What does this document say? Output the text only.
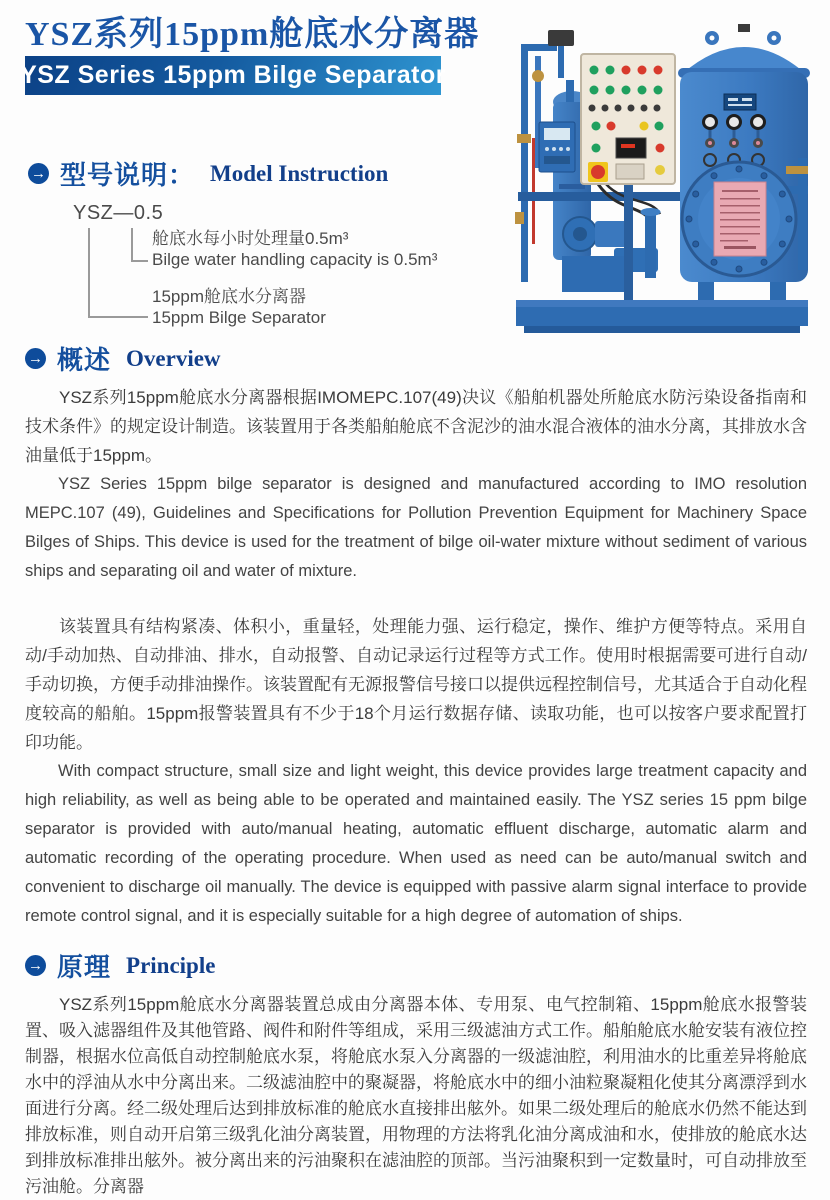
YSZ系列15ppm舱底水分离器
YSZ Series 15ppm Bilge Separator
→
型号说明： Model Instruction
YSZ—0.5
舱底水每小时处理量0.5m³
Bilge water handling capacity is 0.5m³
15ppm舱底水分离器
15ppm Bilge Separator
→
概述 Overview

YSZ系列15ppm舱底水分离器根据IMOMEPC.107(49)决议《船舶机器处所舱底水防污染设备指南和技术条件》的规定设计制造。该装置用于各类船舶舱底不含泥沙的油水混合液体的油水分离，其排放水含油量低于15ppm。

YSZ Series 15ppm bilge separator is designed and manufactured according to IMO resolution MEPC.107 (49), Guidelines and Specifications for Pollution Prevention Equipment for Machinery Space Bilges of Ships. This device is used for the treatment of bilge oil-water mixture without sediment of various ships and separating oil and water of mixture.

该装置具有结构紧凑、体积小，重量轻，处理能力强、运行稳定，操作、维护方便等特点。采用自动/手动加热、自动排油、排水，自动报警、自动记录运行过程等方式工作。使用时根据需要可进行自动/手动切换，方便手动排油操作。该装置配有无源报警信号接口以提供远程控制信号，尤其适合于自动化程度较高的船舶。15ppm报警装置具有不少于18个月运行数据存储、读取功能，也可以按客户要求配置打印功能。

With compact structure, small size and light weight, this device provides large treatment capacity and high reliability, as well as being able to be operated and maintained easily. The YSZ series 15 ppm bilge separator is provided with auto/manual heating, automatic effluent discharge, automatic alarm and automatic recording of the operating procedure. When used as need can be auto/manual switch and convenient to discharge oil manually. The device is equipped with passive alarm signal interface to provide remote control signal, and it is especially suitable for a high degree of automation of ships.

→
原理 Principle

YSZ系列15ppm舱底水分离器装置总成由分离器本体、专用泵、电气控制箱、15ppm舱底水报警装置、吸入滤器组件及其他管路、阀件和附件等组成，采用三级滤油方式工作。船舶舱底水舱安装有液位控制器，根据水位高低自动控制舱底水泵，将舱底水泵入分离器的一级滤油腔，利用油水的比重差异将舱底水中的浮油从水中分离出来。二级滤油腔中的聚凝器，将舱底水中的细小油粒聚凝粗化使其分离漂浮到水面进行分离。经二级处理后达到排放标准的舱底水直接排出舷外。如果二级处理后的舱底水仍然不能达到排放标准，则自动开启第三级乳化油分离装置，用物理的方法将乳化油分离成油和水，使排放的舱底水达到排放标准排出舷外。被分离出来的污油聚积在滤油腔的顶部。当污油聚积到一定数量时，可自动排放至污油舱。分离器
